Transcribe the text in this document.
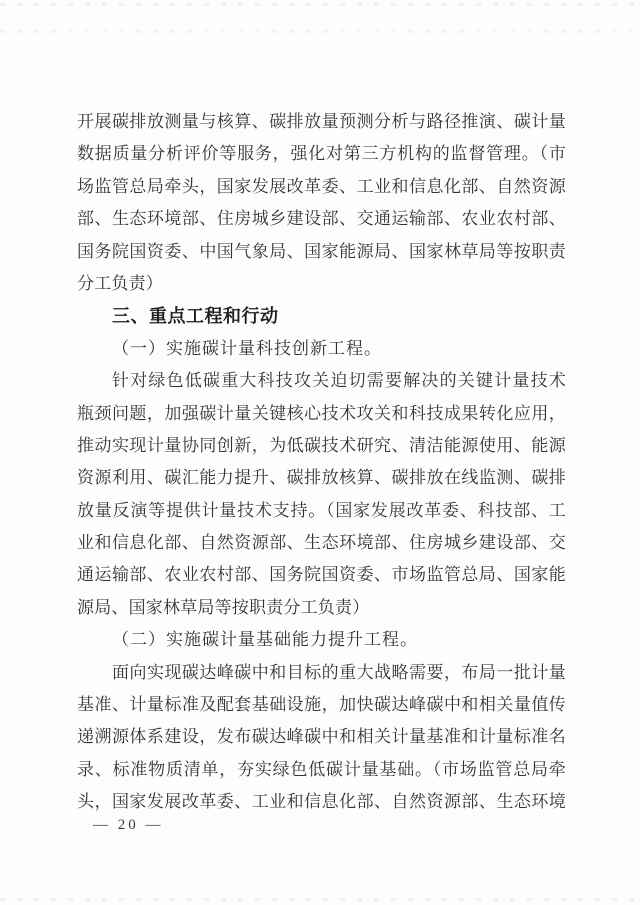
开展碳排放测量与核算、碳排放量预测分析与路径推演、碳计量
数据质量分析评价等服务，强化对第三方机构的监督管理。（市
场监管总局牵头，国家发展改革委、工业和信息化部、自然资源
部、生态环境部、住房城乡建设部、交通运输部、农业农村部、
国务院国资委、中国气象局、国家能源局、国家林草局等按职责
分工负责）
三、重点工程和行动
（一）实施碳计量科技创新工程。
针对绿色低碳重大科技攻关迫切需要解决的关键计量技术
瓶颈问题，加强碳计量关键核心技术攻关和科技成果转化应用，
推动实现计量协同创新，为低碳技术研究、清洁能源使用、能源
资源利用、碳汇能力提升、碳排放核算、碳排放在线监测、碳排
放量反演等提供计量技术支持。（国家发展改革委、科技部、工
业和信息化部、自然资源部、生态环境部、住房城乡建设部、交
通运输部、农业农村部、国务院国资委、市场监管总局、国家能
源局、国家林草局等按职责分工负责）
（二）实施碳计量基础能力提升工程。
面向实现碳达峰碳中和目标的重大战略需要，布局一批计量
基准、计量标准及配套基础设施，加快碳达峰碳中和相关量值传
递溯源体系建设，发布碳达峰碳中和相关计量基准和计量标准名
录、标准物质清单，夯实绿色低碳计量基础。（市场监管总局牵
头，国家发展改革委、工业和信息化部、自然资源部、生态环境
— 20 —
